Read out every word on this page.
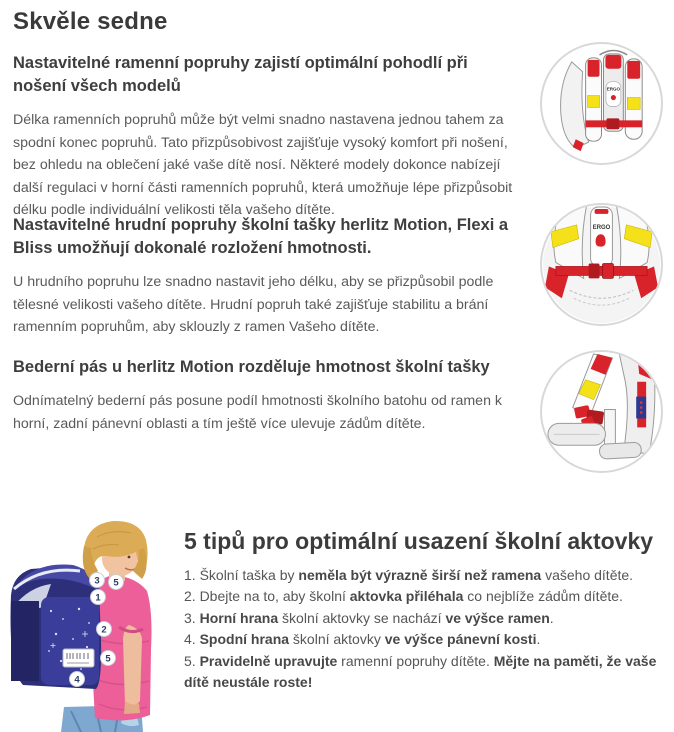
Skvěle sedne
Nastavitelné ramenní popruhy zajistí optimální pohodlí při nošení všech modelů

Délka ramenních popruhů může být velmi snadno nastavena jednou tahem za spodní konec popruhů. Tato přizpůsobivost zajišťuje vysoký komfort při nošení, bez ohledu na oblečení jaké vaše dítě nosí. Některé modely dokonce nabízejí další regulaci v horní části ramenních popruhů, která umožňuje lépe přizpůsobit délku podle individuální velikosti těla vašeho dítěte.

ERGO
Nastavitelné hrudní popruhy školní tašky herlitz Motion, Flexi a Bliss umožňují dokonalé rozložení hmotnosti.

U hrudního popruhu lze snadno nastavit jeho délku, aby se přizpůsobil podle tělesné velikosti vašeho dítěte. Hrudní popruh také zajišťuje stabilitu a brání ramenním popruhům, aby sklouzly z ramen Vašeho dítěte.

ERGO
Bederní pás u herlitz Motion rozděluje hmotnost školní tašky

Odnímatelný bederní pás posune podíl hmotnosti školního batohu od ramen k horní, zadní pánevní oblasti a tím ještě více ulevuje zádům dítěte.

3 5
1
2
5
4
5 tipů pro optimální usazení školní aktovky
1. Školní taška by neměla být výrazně širší než ramena vašeho dítěte.
2. Dbejte na to, aby školní aktovka přiléhala co nejblíže zádům dítěte.
3. Horní hrana školní aktovky se nachází ve výšce ramen.
4. Spodní hrana školní aktovky ve výšce pánevní kosti.
5. Pravidelně upravujte ramenní popruhy dítěte. Mějte na paměti, že vaše dítě neustále roste!
